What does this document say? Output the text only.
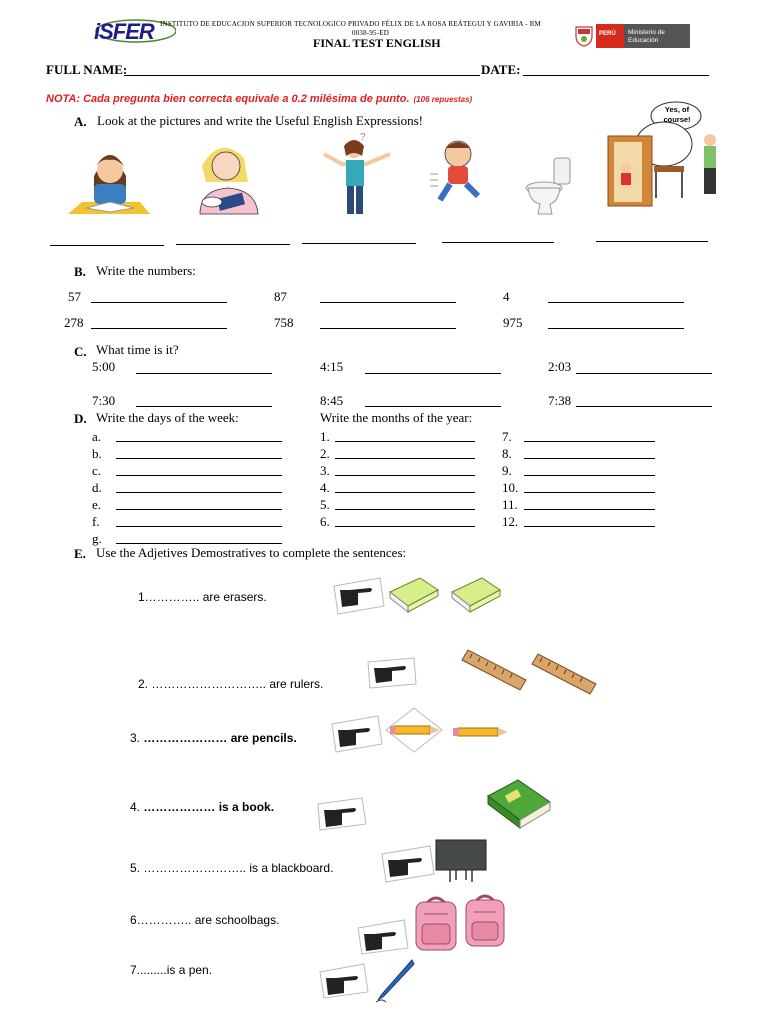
iSFER INSTITUTO DE EDUCACION SUPERIOR TECNOLOGICO PRIVADO FÉLIX DE LA ROSA REÁTEGUI Y GAVIRIA - RM
0038-95-ED
FINAL TEST ENGLISH
PERÚ Ministerio de Educación
FULL NAME:	DATE:
NOTA: Cada pregunta bien correcta equivale a 0.2 milésima de punto. (106 repuestas)
A. Look at the pictures and write the Useful English Expressions!
?
Yes, of course!
B. Write the numbers:
57	87	4
278	758	975
C. What time is it?
5:00	4:15	2:03
7:30	8:45	7:38
D. Write the days of the week:	Write the months of the year:
a.
b.
c.
d.
e.
f.
g.
1.
2.
3.
4.
5.
6.
7.
8.
9.
10.
11.
12.
E. Use the Adjetives Demostratives to complete the sentences:
1………….. are erasers.
2. ……………………….. are rulers.
3. ………………… are pencils.
4. ……………… is a book.
5. …………………….. is a blackboard.
6………….. are schoolbags.
7.........is a pen.
